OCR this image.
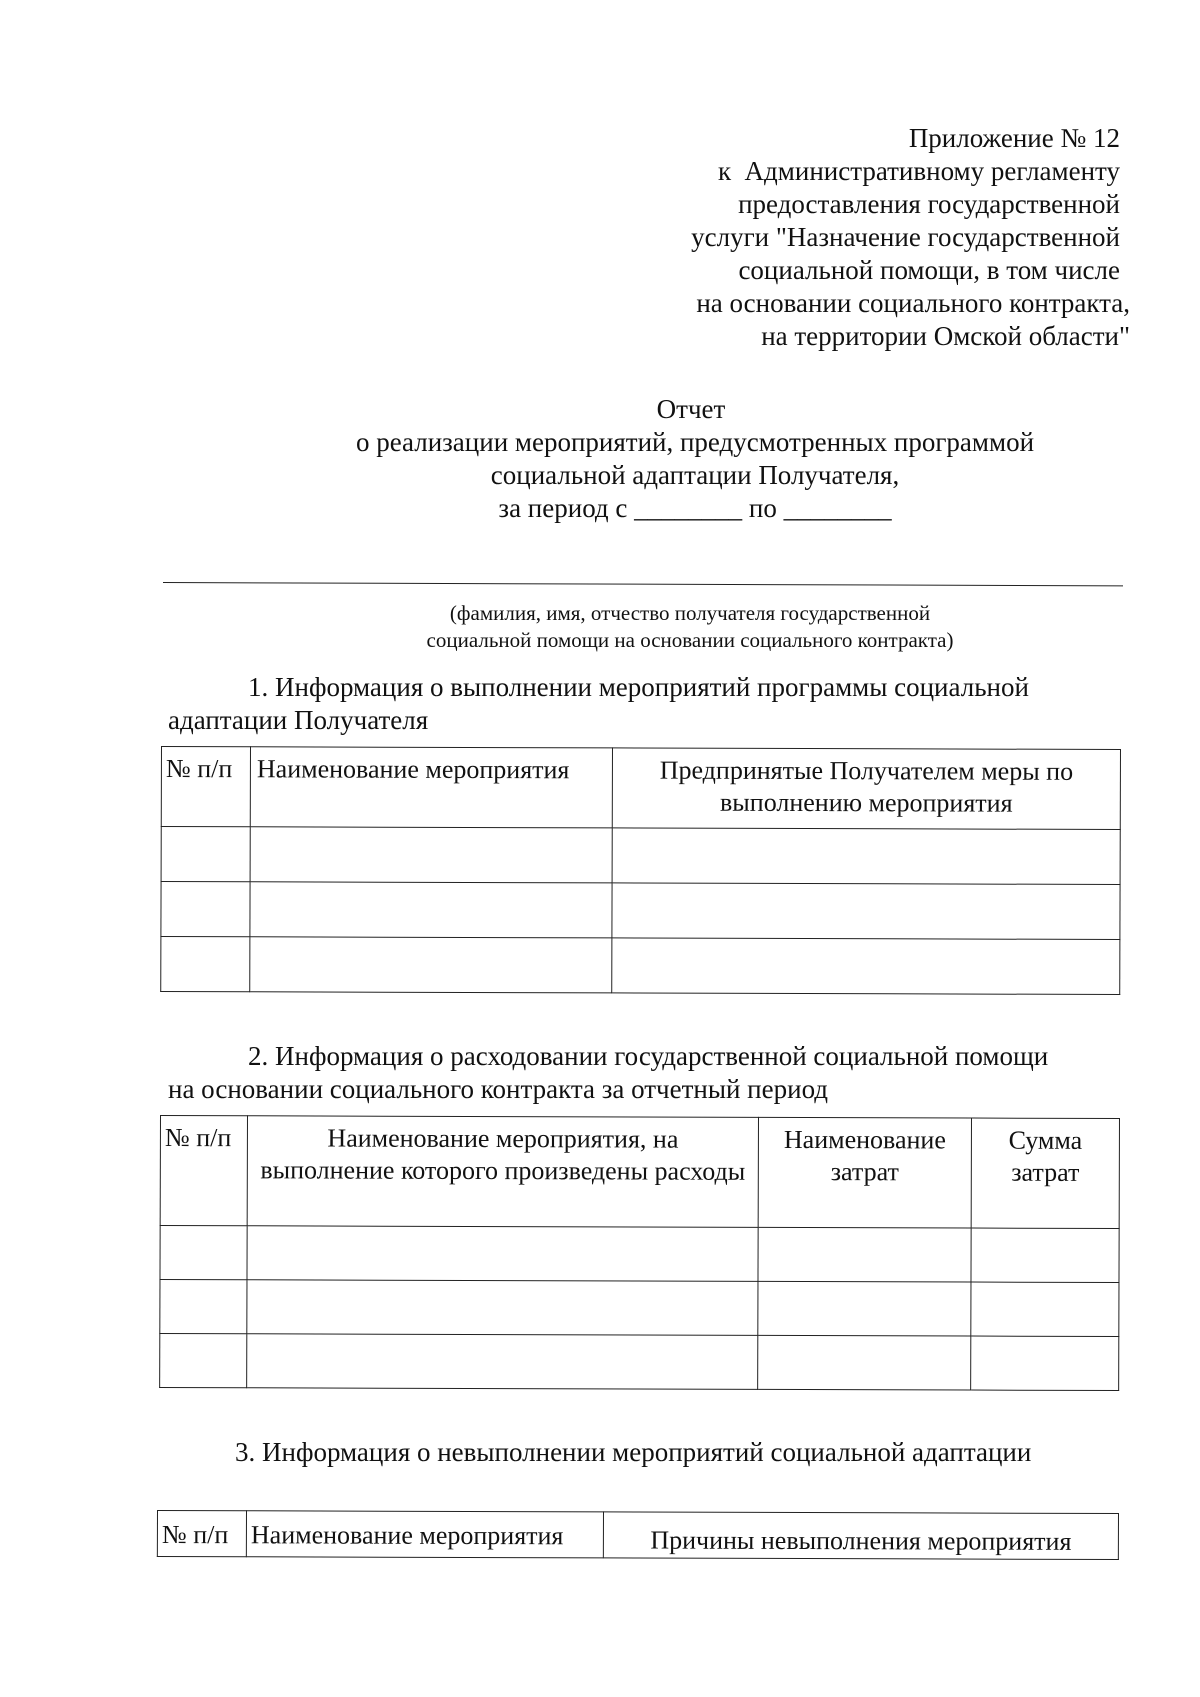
Приложение № 12
к  Административному регламенту
предоставления государственной
услуги "Назначение государственной
социальной помощи, в том числе
на основании социального контракта,
на территории Омской области"
Отчет
о реализации мероприятий, предусмотренных программой
социальной адаптации Получателя,
за период с ________ по ________
(фамилия, имя, отчество получателя государственной
социальной помощи на основании социального контракта)
1. Информация о выполнении мероприятий программы социальной
адаптации Получателя
№ п/п	Наименование мероприятия	Предпринятые Получателем меры по выполнению мероприятия

2. Информация о расходовании государственной социальной помощи
на основании социального контракта за отчетный период
№ п/п	Наименование мероприятия, на выполнение которого произведены расходы	Наименование затрат	Сумма затрат

3. Информация о невыполнении мероприятий социальной адаптации
№ п/п	Наименование мероприятия	Причины невыполнения мероприятия
